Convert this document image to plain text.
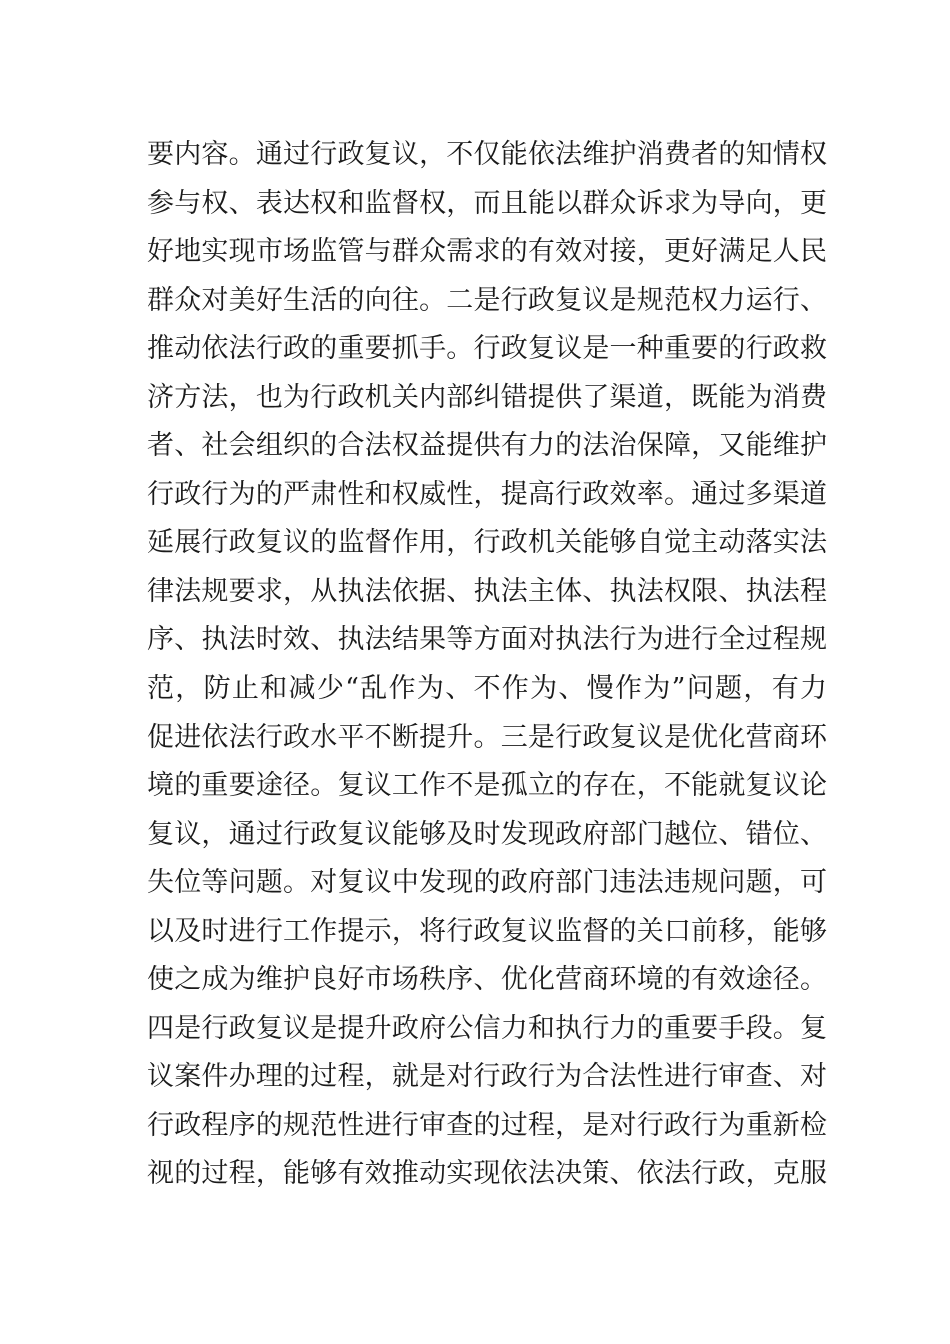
要内容。通过行政复议，不仅能依法维护消费者的知情权
参与权、表达权和监督权，而且能以群众诉求为导向，更
好地实现市场监管与群众需求的有效对接，更好满足人民
群众对美好生活的向往。二是行政复议是规范权力运行、
推动依法行政的重要抓手。行政复议是一种重要的行政救
济方法，也为行政机关内部纠错提供了渠道，既能为消费
者、社会组织的合法权益提供有力的法治保障，又能维护
行政行为的严肃性和权威性，提高行政效率。通过多渠道
延展行政复议的监督作用，行政机关能够自觉主动落实法
律法规要求，从执法依据、执法主体、执法权限、执法程
序、执法时效、执法结果等方面对执法行为进行全过程规
范，防止和减少“乱作为、不作为、慢作为”问题，有力
促进依法行政水平不断提升。三是行政复议是优化营商环
境的重要途径。复议工作不是孤立的存在，不能就复议论
复议，通过行政复议能够及时发现政府部门越位、错位、
失位等问题。对复议中发现的政府部门违法违规问题，可
以及时进行工作提示，将行政复议监督的关口前移，能够
使之成为维护良好市场秩序、优化营商环境的有效途径。
四是行政复议是提升政府公信力和执行力的重要手段。复
议案件办理的过程，就是对行政行为合法性进行审查、对
行政程序的规范性进行审查的过程，是对行政行为重新检
视的过程，能够有效推动实现依法决策、依法行政，克服
